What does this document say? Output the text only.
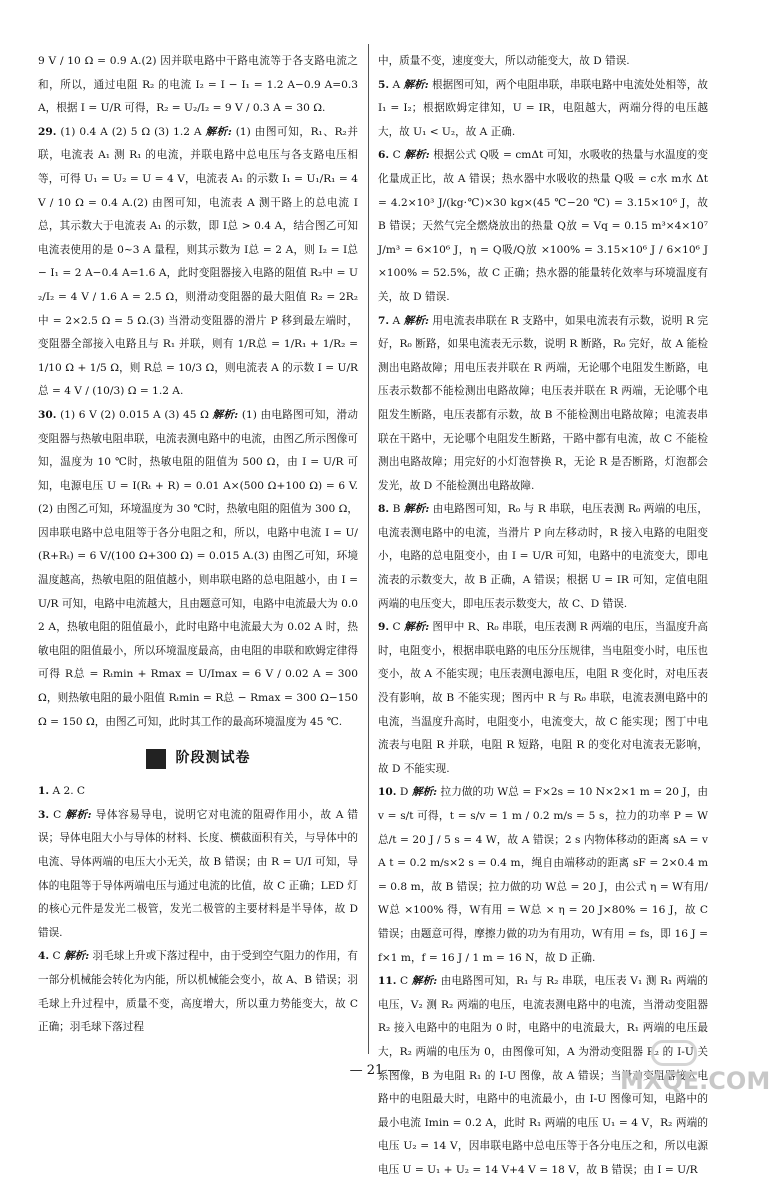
9 V / 10 Ω = 0.9 A.(2) 因并联电路中干路电流等于各支路电流之和，所以，通过电阻 R₂ 的电流 I₂ = I − I₁ = 1.2 A−0.9 A=0.3 A，根据 I = U/R 可得，R₂ = U₂/I₂ = 9 V / 0.3 A = 30 Ω.

29. (1) 0.4 A (2) 5 Ω (3) 1.2 A 解析: (1) 由图可知，R₁、R₂并联，电流表 A₁ 测 R₁ 的电流，并联电路中总电压与各支路电压相等，可得 U₁ = U₂ = U = 4 V，电流表 A₁ 的示数 I₁ = U₁/R₁ = 4 V / 10 Ω = 0.4 A.(2) 由图可知，电流表 A 测干路上的总电流 I总，其示数大于电流表 A₁ 的示数，即 I总 > 0.4 A，结合图乙可知电流表使用的是 0~3 A 量程，则其示数为 I总 = 2 A，则 I₂ = I总 − I₁ = 2 A−0.4 A=1.6 A，此时变阻器接入电路的阻值 R₂中 = U₂/I₂ = 4 V / 1.6 A = 2.5 Ω，则滑动变阻器的最大阻值 R₂ = 2R₂中 = 2×2.5 Ω = 5 Ω.(3) 当滑动变阻器的滑片 P 移到最左端时，变阻器全部接入电路且与 R₁ 并联，则有 1/R总 = 1/R₁ + 1/R₂ = 1/10 Ω + 1/5 Ω，则 R总 = 10/3 Ω，则电流表 A 的示数 I = U/R总 = 4 V / (10/3) Ω = 1.2 A.

30. (1) 6 V (2) 0.015 A (3) 45 Ω 解析: (1) 由电路图可知，滑动变阻器与热敏电阻串联，电流表测电路中的电流，由图乙所示图像可知，温度为 10 ℃时，热敏电阻的阻值为 500 Ω，由 I = U/R 可知，电源电压 U = I(Rₜ + R) = 0.01 A×(500 Ω+100 Ω) = 6 V.(2) 由图乙可知，环境温度为 30 ℃时，热敏电阻的阻值为 300 Ω，因串联电路中总电阻等于各分电阻之和，所以，电路中电流 I = U/(R+Rₜ) = 6 V/(100 Ω+300 Ω) = 0.015 A.(3) 由图乙可知，环境温度越高，热敏电阻的阻值越小，则串联电路的总电阻越小，由 I = U/R 可知，电路中电流越大，且由题意可知，电路中电流最大为 0.02 A，热敏电阻的阻值最小，此时电路中电流最大为 0.02 A 时，热敏电阻的阻值最小，所以环境温度最高，由电阻的串联和欧姆定律得可得 R总 = Rₜmin + Rmax = U/Imax = 6 V / 0.02 A = 300 Ω，则热敏电阻的最小阻值 Rₜmin = R总 − Rmax = 300 Ω−150 Ω = 150 Ω，由图乙可知，此时其工作的最高环境温度为 45 ℃.

阶段测试卷

1. A 2. C

3. C 解析: 导体容易导电，说明它对电流的阻碍作用小，故 A 错误；导体电阻大小与导体的材料、长度、横截面积有关，与导体中的电流、导体两端的电压大小无关，故 B 错误；由 R = U/I 可知，导体的电阻等于导体两端电压与通过电流的比值，故 C 正确；LED 灯的核心元件是发光二极管，发光二极管的主要材料是半导体，故 D 错误.

4. C 解析: 羽毛球上升或下落过程中，由于受到空气阻力的作用，有一部分机械能会转化为内能，所以机械能会变小，故 A、B 错误；羽毛球上升过程中，质量不变，高度增大，所以重力势能变大，故 C 正确；羽毛球下落过程

中，质量不变，速度变大，所以动能变大，故 D 错误.

5. A 解析: 根据图可知，两个电阻串联，串联电路中电流处处相等，故 I₁ = I₂；根据欧姆定律知，U = IR，电阻越大，两端分得的电压越大，故 U₁ < U₂，故 A 正确.

6. C 解析: 根据公式 Q吸 = cmΔt 可知，水吸收的热量与水温度的变化量成正比，故 A 错误；热水器中水吸收的热量 Q吸 = c水 m水 Δt = 4.2×10³ J/(kg·℃)×30 kg×(45 ℃−20 ℃) = 3.15×10⁶ J，故 B 错误；天然气完全燃烧放出的热量 Q放 = Vq = 0.15 m³×4×10⁷ J/m³ = 6×10⁶ J，η = Q吸/Q放 ×100% = 3.15×10⁶ J / 6×10⁶ J ×100% = 52.5%，故 C 正确；热水器的能量转化效率与环境温度有关，故 D 错误.

7. A 解析: 用电流表串联在 R 支路中，如果电流表有示数，说明 R 完好，R₀ 断路，如果电流表无示数，说明 R 断路，R₀ 完好，故 A 能检测出电路故障；用电压表并联在 R 两端，无论哪个电阻发生断路，电压表示数都不能检测出电路故障；电压表并联在 R 两端，无论哪个电阻发生断路，电压表都有示数，故 B 不能检测出电路故障；电流表串联在干路中，无论哪个电阻发生断路，干路中都有电流，故 C 不能检测出电路故障；用完好的小灯泡替换 R，无论 R 是否断路，灯泡都会发光，故 D 不能检测出电路故障.

8. B 解析: 由电路图可知，R₀ 与 R 串联，电压表测 R₀ 两端的电压，电流表测电路中的电流，当滑片 P 向左移动时，R 接入电路的电阻变小，电路的总电阻变小，由 I = U/R 可知，电路中的电流变大，即电流表的示数变大，故 B 正确，A 错误；根据 U = IR 可知，定值电阻两端的电压变大，即电压表示数变大，故 C、D 错误.

9. C 解析: 图甲中 R、R₀ 串联，电压表测 R 两端的电压，当温度升高时，电阻变小，根据串联电路的电压分压规律，当电阻变小时，电压也变小，故 A 不能实现；电压表测电源电压，电阻 R 变化时，对电压表没有影响，故 B 不能实现；图丙中 R 与 R₀ 串联，电流表测电路中的电流，当温度升高时，电阻变小，电流变大，故 C 能实现；图丁中电流表与电阻 R 并联，电阻 R 短路，电阻 R 的变化对电流表无影响，故 D 不能实现.

10. D 解析: 拉力做的功 W总 = F×2s = 10 N×2×1 m = 20 J，由 v = s/t 可得，t = s/v = 1 m / 0.2 m/s = 5 s，拉力的功率 P = W总/t = 20 J / 5 s = 4 W，故 A 错误；2 s 内物体移动的距离 sA = vA t = 0.2 m/s×2 s = 0.4 m，绳自由端移动的距离 sF = 2×0.4 m = 0.8 m，故 B 错误；拉力做的功 W总 = 20 J，由公式 η = W有用/W总 ×100% 得，W有用 = W总 × η = 20 J×80% = 16 J，故 C 错误；由题意可得，摩擦力做的功为有用功，W有用 = fs，即 16 J = f×1 m，f = 16 J / 1 m = 16 N，故 D 正确.

11. C 解析: 由电路图可知，R₁ 与 R₂ 串联，电压表 V₁ 测 R₁ 两端的电压，V₂ 测 R₂ 两端的电压，电流表测电路中的电流，当滑动变阻器 R₂ 接入电路中的电阻为 0 时，电路中的电流最大，R₁ 两端的电压最大，R₂ 两端的电压为 0，由图像可知，A 为滑动变阻器 R₂ 的 I-U 关系图像，B 为电阻 R₁ 的 I-U 图像，故 A 错误；当滑动变阻器接入电路中的电阻最大时，电路中的电流最小，由 I-U 图像可知，电路中的最小电流 Imin = 0.2 A，此时 R₁ 两端的电压 U₁ = 4 V，R₂ 两端的电压 U₂ = 14 V，因串联电路中总电压等于各分电压之和，所以电源电压 U = U₁ + U₂ = 14 V+4 V = 18 V，故 B 错误；由 I = U/R

— 21 —	MXQE.COM
